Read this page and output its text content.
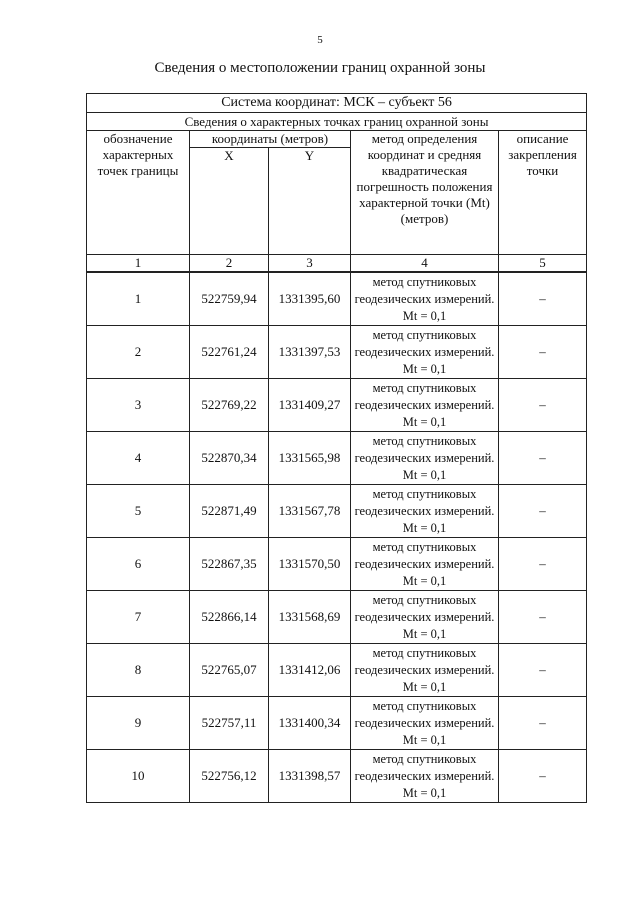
5
Сведения о местоположении границ охранной зоны
Система координат: МСК – субъект 56				
Сведения о характерных точках границ охранной зоны				
обозначение характерных точек границы	координаты (метров)		метод определения координат и средняя квадратическая погрешность положения характерной точки (Mt) (метров)	описание закрепления точки
	X	Y		
1	2	3	4	5
1	522759,94	1331395,60	метод спутниковых геодезических измерений. Mt = 0,1	–
2	522761,24	1331397,53	метод спутниковых геодезических измерений. Mt = 0,1	–
3	522769,22	1331409,27	метод спутниковых геодезических измерений. Mt = 0,1	–
4	522870,34	1331565,98	метод спутниковых геодезических измерений. Mt = 0,1	–
5	522871,49	1331567,78	метод спутниковых геодезических измерений. Mt = 0,1	–
6	522867,35	1331570,50	метод спутниковых геодезических измерений. Mt = 0,1	–
7	522866,14	1331568,69	метод спутниковых геодезических измерений. Mt = 0,1	–
8	522765,07	1331412,06	метод спутниковых геодезических измерений. Mt = 0,1	–
9	522757,11	1331400,34	метод спутниковых геодезических измерений. Mt = 0,1	–
10	522756,12	1331398,57	метод спутниковых геодезических измерений. Mt = 0,1	–
